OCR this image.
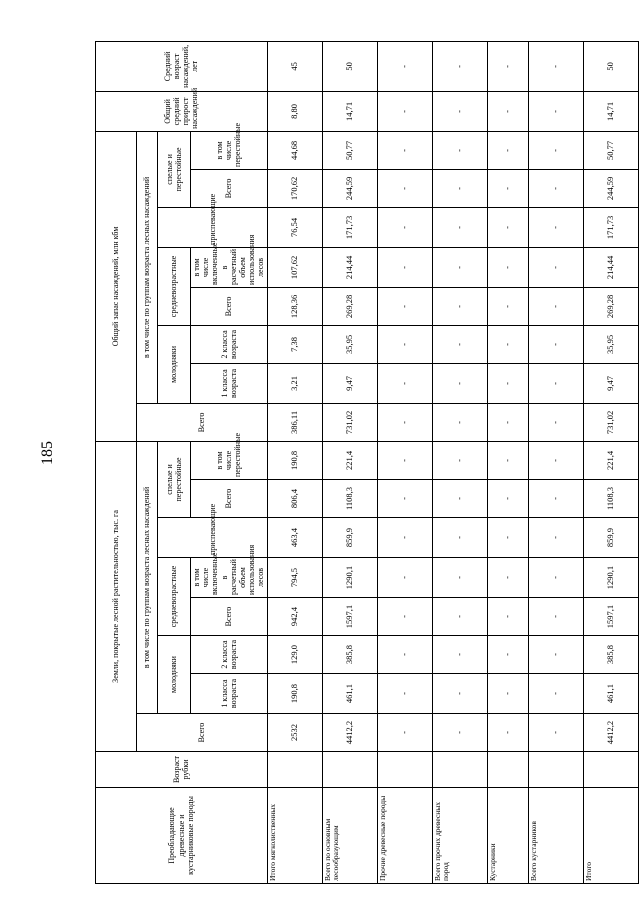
185
Преобладающие древесные и кустарниковые породы	Возраст рубки	Земли, покрытые лесной растительностью, тыс. га								Общий запас насаждений, млн кбм								Общий средний прирост насаждений	Средний возраст насаждений, лет
		Всего	в том числе по группам возраста лесных насаждений							Всего	в том числе по группам возраста лесных насаждений								
			молодняки		средневозрастные		приспевающие	спелые и перестойные			молодняки		средневозрастные		приспевающие	спелые и перестойные			
			1 класса возраста	2 класса возраста	Всего	в том числе включенные в расчетный объем использования лесов		Всего	в том числе перестойные		1 класса возраста	2 класса возраста	Всего	в том числе включенные в расчетный объем использования лесов		Всего	в том числе перестойные		
Итого мягколиственных		2532	190,8	129,0	942,4	794,5	463,4	806,4	190,8	386,11	3,21	7,38	128,36	107,62	76,54	170,62	44,68	8,80	45
Всего по основным лесообразующим		4412,2	461,1	385,8	1597,1	1290,1	859,9	1108,3	221,4	731,02	9,47	35,95	269,28	214,44	171,73	244,59	50,77	14,71	50
Прочие древесные породы		-	-	-	-	-	-	-	-	-	-	-	-	-	-	-	-	-	-
Всего прочих древесных пород		-	-	-	-	-	-	-	-	-	-	-	-	-	-	-	-	-	-
Кустарники		-	-	-	-	-	-	-	-	-	-	-	-	-	-	-	-	-	-
Всего кустарников		-	-	-	-	-	-	-	-	-	-	-	-	-	-	-	-	-	-
Итого		4412,2	461,1	385,8	1597,1	1290,1	859,9	1108,3	221,4	731,02	9,47	35,95	269,28	214,44	171,73	244,59	50,77	14,71	50
